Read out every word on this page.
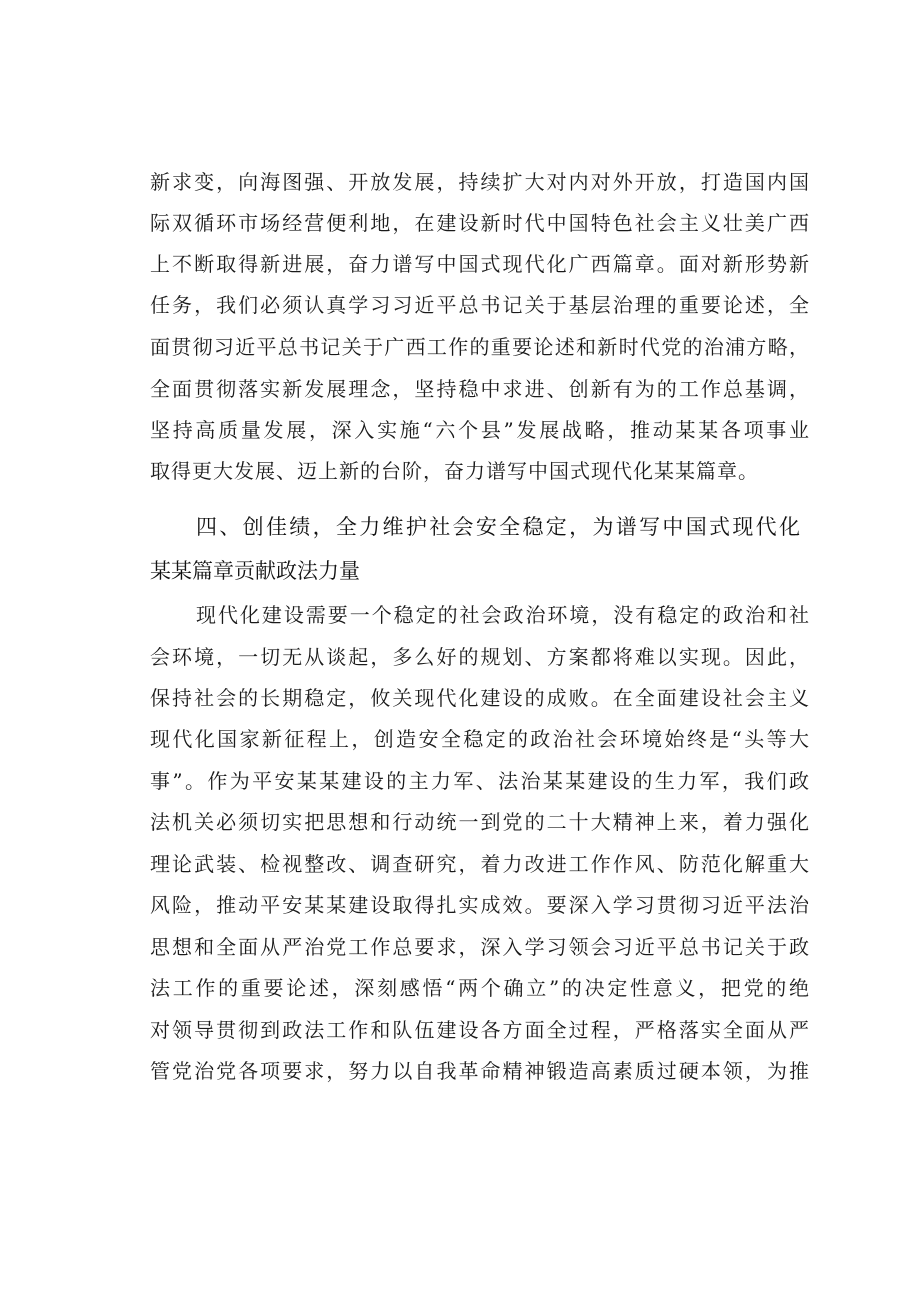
新求变，向海图强、开放发展，持续扩大对内对外开放，打造国内国
际双循环市场经营便利地，在建设新时代中国特色社会主义壮美广西
上不断取得新进展，奋力谱写中国式现代化广西篇章。面对新形势新
任务，我们必须认真学习习近平总书记关于基层治理的重要论述，全
面贯彻习近平总书记关于广西工作的重要论述和新时代党的治浦方略，
全面贯彻落实新发展理念，坚持稳中求进、创新有为的工作总基调，
坚持高质量发展，深入实施“六个县”发展战略，推动某某各项事业
取得更大发展、迈上新的台阶，奋力谱写中国式现代化某某篇章。
四、创佳绩，全力维护社会安全稳定，为谱写中国式现代化
某某篇章贡献政法力量
现代化建设需要一个稳定的社会政治环境，没有稳定的政治和社
会环境，一切无从谈起，多么好的规划、方案都将难以实现。因此，
保持社会的长期稳定，攸关现代化建设的成败。在全面建设社会主义
现代化国家新征程上，创造安全稳定的政治社会环境始终是“头等大
事”。作为平安某某建设的主力军、法治某某建设的生力军，我们政
法机关必须切实把思想和行动统一到党的二十大精神上来，着力强化
理论武装、检视整改、调查研究，着力改进工作作风、防范化解重大
风险，推动平安某某建设取得扎实成效。要深入学习贯彻习近平法治
思想和全面从严治党工作总要求，深入学习领会习近平总书记关于政
法工作的重要论述，深刻感悟“两个确立”的决定性意义，把党的绝
对领导贯彻到政法工作和队伍建设各方面全过程，严格落实全面从严
管党治党各项要求，努力以自我革命精神锻造高素质过硬本领，为推
